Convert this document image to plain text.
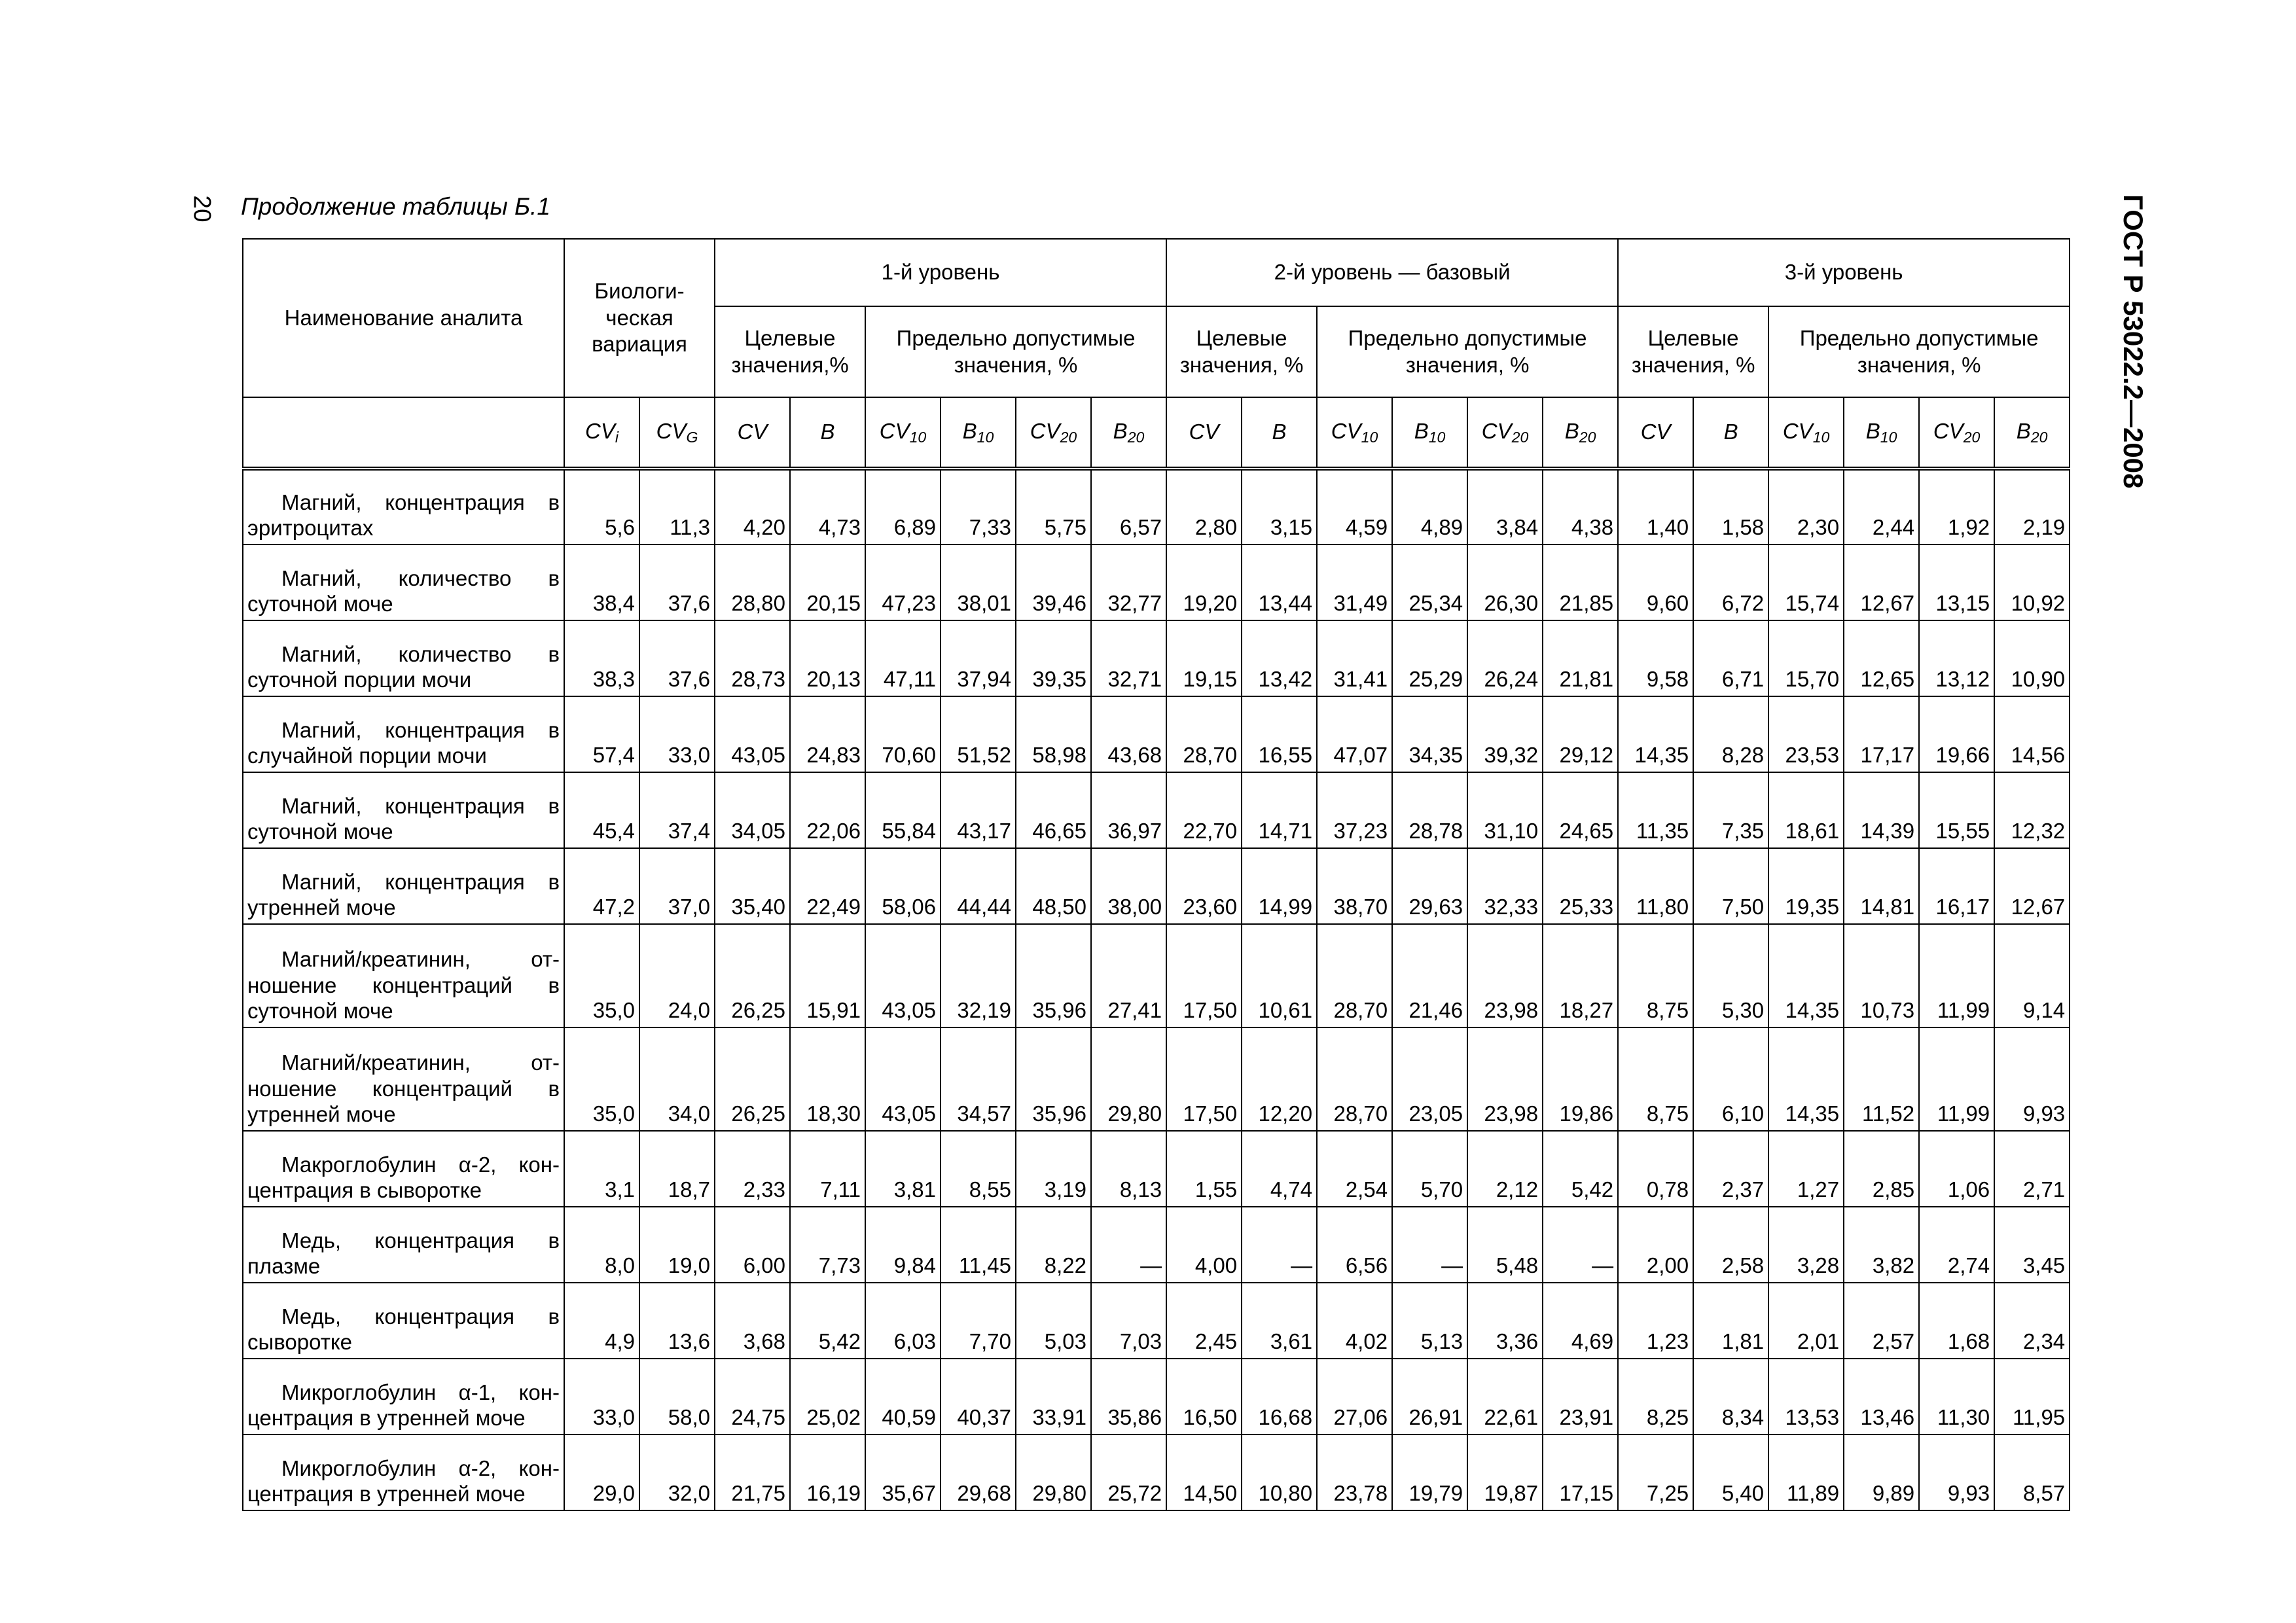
20 Продолжение таблицы Б.1	ГОСТ Р 53022.2—2008
Наименование аналита	Биологи-ческая вариация		1-й уровень						2-й уровень — базовый						3-й уровень					
			Целевые значения,%		Предельно допустимые значения, %				Целевые значения, %		Предельно допустимые значения, %				Целевые значения, %		Предельно допустимые значения, %			
	$CV_i$	$CV_G$	CV	B	$CV_{10}$	$B_{10}$	$CV_{20}$	$B_{20}$	CV	B	$CV_{10}$	$B_{10}$	$CV_{20}$	$B_{20}$	CV	B	$CV_{10}$	$B_{10}$	$CV_{20}$	$B_{20}$
Магний, концентрация в эритроцитах	5,6	11,3	4,20	4,73	6,89	7,33	5,75	6,57	2,80	3,15	4,59	4,89	3,84	4,38	1,40	1,58	2,30	2,44	1,92	2,19
Магний, количество в суточной моче	38,4	37,6	28,80	20,15	47,23	38,01	39,46	32,77	19,20	13,44	31,49	25,34	26,30	21,85	9,60	6,72	15,74	12,67	13,15	10,92
Магний, количество в суточной порции мочи	38,3	37,6	28,73	20,13	47,11	37,94	39,35	32,71	19,15	13,42	31,41	25,29	26,24	21,81	9,58	6,71	15,70	12,65	13,12	10,90
Магний, концентрация в случайной порции мочи	57,4	33,0	43,05	24,83	70,60	51,52	58,98	43,68	28,70	16,55	47,07	34,35	39,32	29,12	14,35	8,28	23,53	17,17	19,66	14,56
Магний, концентрация в суточной моче	45,4	37,4	34,05	22,06	55,84	43,17	46,65	36,97	22,70	14,71	37,23	28,78	31,10	24,65	11,35	7,35	18,61	14,39	15,55	12,32
Магний, концентрация в утренней моче	47,2	37,0	35,40	22,49	58,06	44,44	48,50	38,00	23,60	14,99	38,70	29,63	32,33	25,33	11,80	7,50	19,35	14,81	16,17	12,67
Магний/креатинин, от-ношение концентраций в суточной моче	35,0	24,0	26,25	15,91	43,05	32,19	35,96	27,41	17,50	10,61	28,70	21,46	23,98	18,27	8,75	5,30	14,35	10,73	11,99	9,14
Магний/креатинин, от-ношение концентраций в утренней моче	35,0	34,0	26,25	18,30	43,05	34,57	35,96	29,80	17,50	12,20	28,70	23,05	23,98	19,86	8,75	6,10	14,35	11,52	11,99	9,93
Макроглобулин α-2, кон-центрация в сыворотке	3,1	18,7	2,33	7,11	3,81	8,55	3,19	8,13	1,55	4,74	2,54	5,70	2,12	5,42	0,78	2,37	1,27	2,85	1,06	2,71
Медь, концентрация в плазме	8,0	19,0	6,00	7,73	9,84	11,45	8,22	—	4,00	—	6,56	—	5,48	—	2,00	2,58	3,28	3,82	2,74	3,45
Медь, концентрация в сыворотке	4,9	13,6	3,68	5,42	6,03	7,70	5,03	7,03	2,45	3,61	4,02	5,13	3,36	4,69	1,23	1,81	2,01	2,57	1,68	2,34
Микроглобулин α-1, кон-центрация в утренней моче	33,0	58,0	24,75	25,02	40,59	40,37	33,91	35,86	16,50	16,68	27,06	26,91	22,61	23,91	8,25	8,34	13,53	13,46	11,30	11,95
Микроглобулин α-2, кон-центрация в утренней моче	29,0	32,0	21,75	16,19	35,67	29,68	29,80	25,72	14,50	10,80	23,78	19,79	19,87	17,15	7,25	5,40	11,89	9,89	9,93	8,57
